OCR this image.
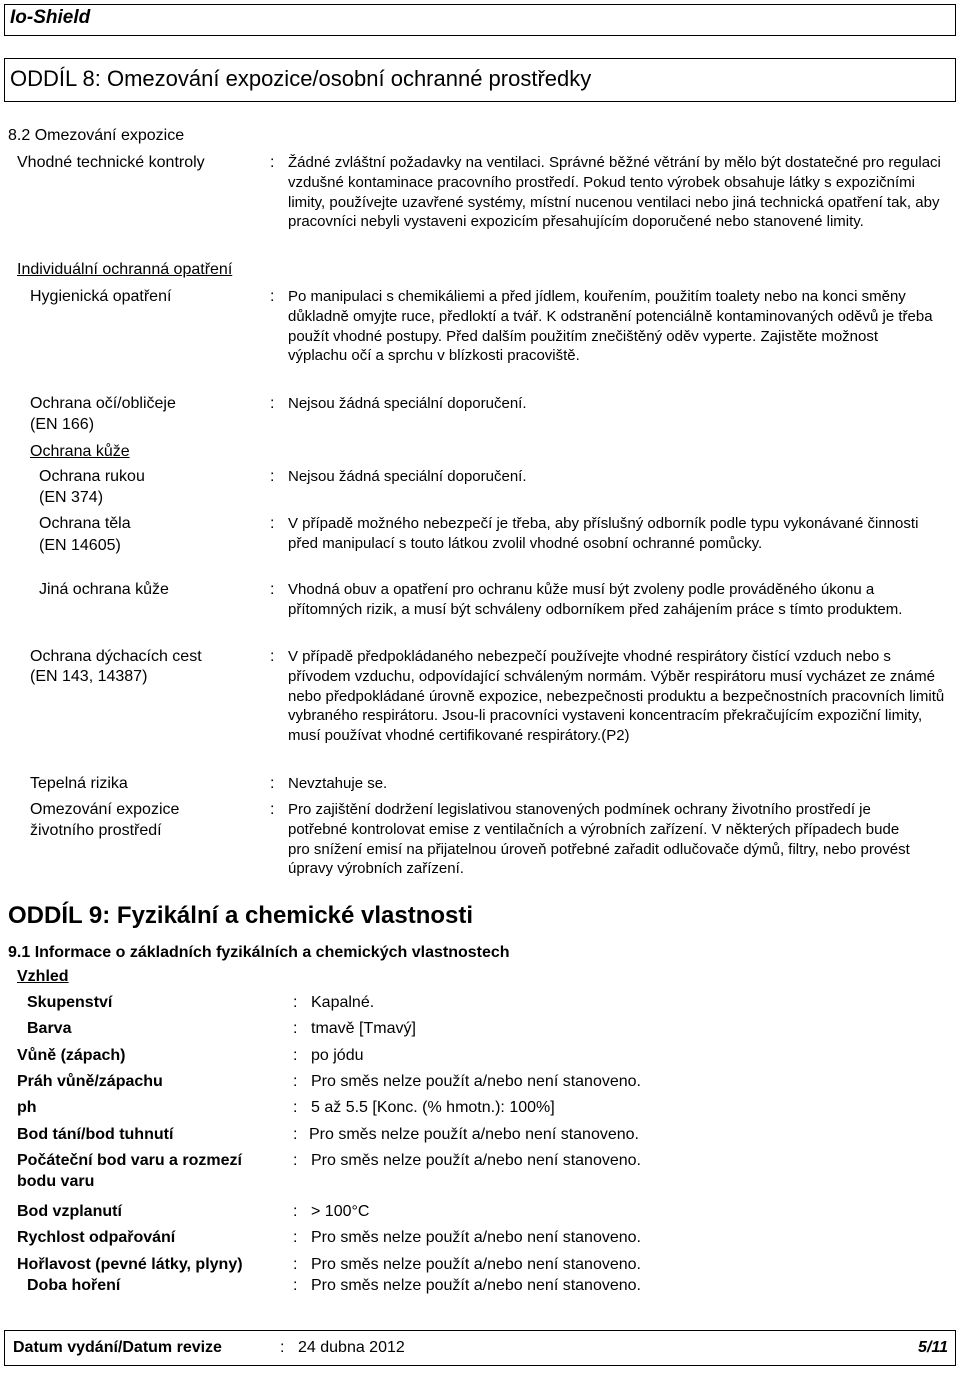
Io-Shield
ODDÍL 8: Omezování expozice/osobní ochranné prostředky
8.2 Omezování expozice
Vhodné technické kontroly	: Žádné zvláštní požadavky na ventilaci. Správné běžné větrání by mělo být dostatečné pro regulaci vzdušné kontaminace pracovního prostředí. Pokud tento výrobek obsahuje látky s expozičními limity, používejte uzavřené systémy, místní nucenou ventilaci nebo jiná technická opatření tak, aby pracovníci nebyli vystaveni expozicím přesahujícím doporučené nebo stanovené limity.
Individuální ochranná opatření
Hygienická opatření	: Po manipulaci s chemikáliemi a před jídlem, kouřením, použitím toalety nebo na konci směny důkladně omyjte ruce, předloktí a tvář. K odstranění potenciálně kontaminovaných oděvů je třeba použít vhodné postupy. Před dalším použitím znečištěný oděv vyperte. Zajistěte možnost výplachu očí a sprchu v blízkosti pracoviště.
Ochrana očí/obličeje
(EN 166)
: Nejsou žádná speciální doporučení.
Ochrana kůže
Ochrana rukou
(EN 374)
: Nejsou žádná speciální doporučení.
Ochrana těla
(EN 14605)
: V případě možného nebezpečí je třeba, aby příslušný odborník podle typu vykonávané činnosti před manipulací s touto látkou zvolil vhodné osobní ochranné pomůcky.
Jiná ochrana kůže	: Vhodná obuv a opatření pro ochranu kůže musí být zvoleny podle prováděného úkonu a přítomných rizik, a musí být schváleny odborníkem před zahájením práce s tímto produktem.
Ochrana dýchacích cest
(EN 143, 14387)
: V případě předpokládaného nebezpečí používejte vhodné respirátory čistící vzduch nebo s přívodem vzduchu, odpovídající schváleným normám. Výběr respirátoru musí vycházet ze známé nebo předpokládané úrovně expozice, nebezpečnosti produktu a bezpečnostních pracovních limitů vybraného respirátoru. Jsou-li pracovníci vystaveni koncentracím překračujícím expoziční limity, musí používat vhodné certifikované respirátory.(P2)
Tepelná rizika	: Nevztahuje se.
Omezování expozice
životního prostředí
: Pro zajištění dodržení legislativou stanovených podmínek ochrany životního prostředí je potřebné kontrolovat emise z ventilačních a výrobních zařízení. V některých případech bude pro snížení emisí na přijatelnou úroveň potřebné zařadit odlučovače dýmů, filtry, nebo provést úpravy výrobních zařízení.
ODDÍL 9: Fyzikální a chemické vlastnosti
9.1 Informace o základních fyzikálních a chemických vlastnostech
Vzhled
Skupenství	: Kapalné.
Barva	: tmavě [Tmavý]
Vůně (zápach)	: po jódu
Práh vůně/zápachu	: Pro směs nelze použít a/nebo není stanoveno.
ph	: 5 až 5.5 [Konc. (% hmotn.): 100%]
Bod tání/bod tuhnutí	: Pro směs nelze použít a/nebo není stanoveno.
Počáteční bod varu a rozmezí
bodu varu
: Pro směs nelze použít a/nebo není stanoveno.
Bod vzplanutí	: > 100°C
Rychlost odpařování	: Pro směs nelze použít a/nebo není stanoveno.
Hořlavost (pevné látky, plyny)	: Pro směs nelze použít a/nebo není stanoveno.
Doba hoření	: Pro směs nelze použít a/nebo není stanoveno.
Datum vydání/Datum revize	: 24 dubna 2012	5/11
